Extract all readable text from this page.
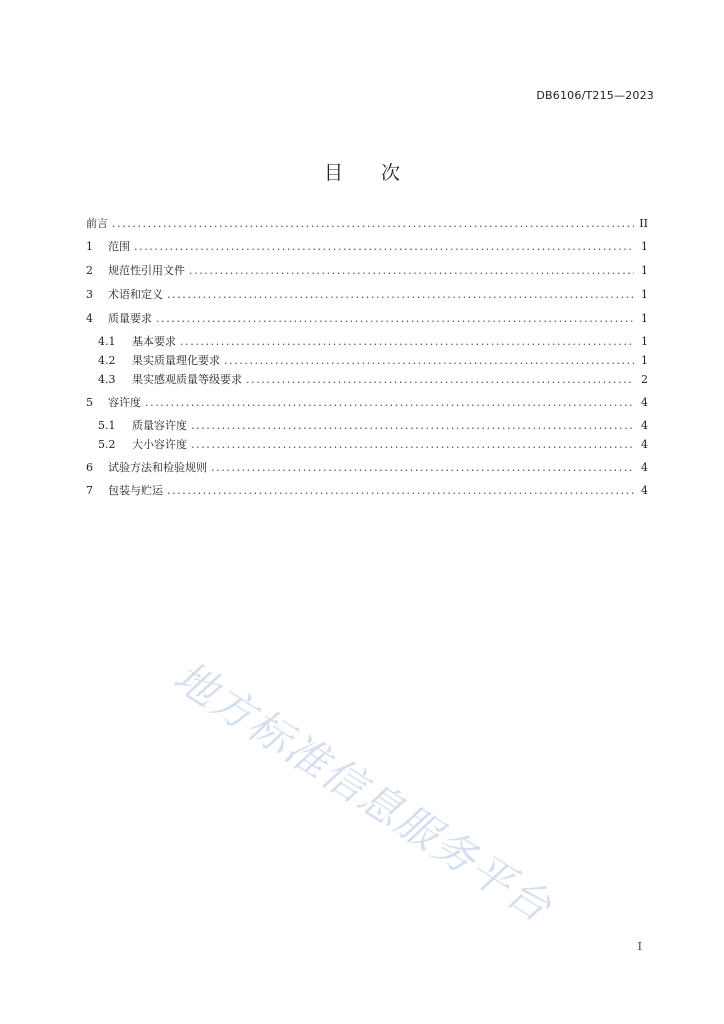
DB6106/T215—2023
目 次
前言 .....	II
1	范围 .....	1
2	规范性引用文件 .....	1
3	术语和定义 .....	1
4	质量要求 .....	1
4.1	基本要求 .....	1
4.2	果实质量理化要求 .....	1
4.3	果实感观质量等级要求 .....	2
5	容许度 .....	4
5.1	质量容许度 .....	4
5.2	大小容许度 .....	4
6	试验方法和检验规则 .....	4
7	包装与贮运 .....	4
地方标准信息服务平台
I
